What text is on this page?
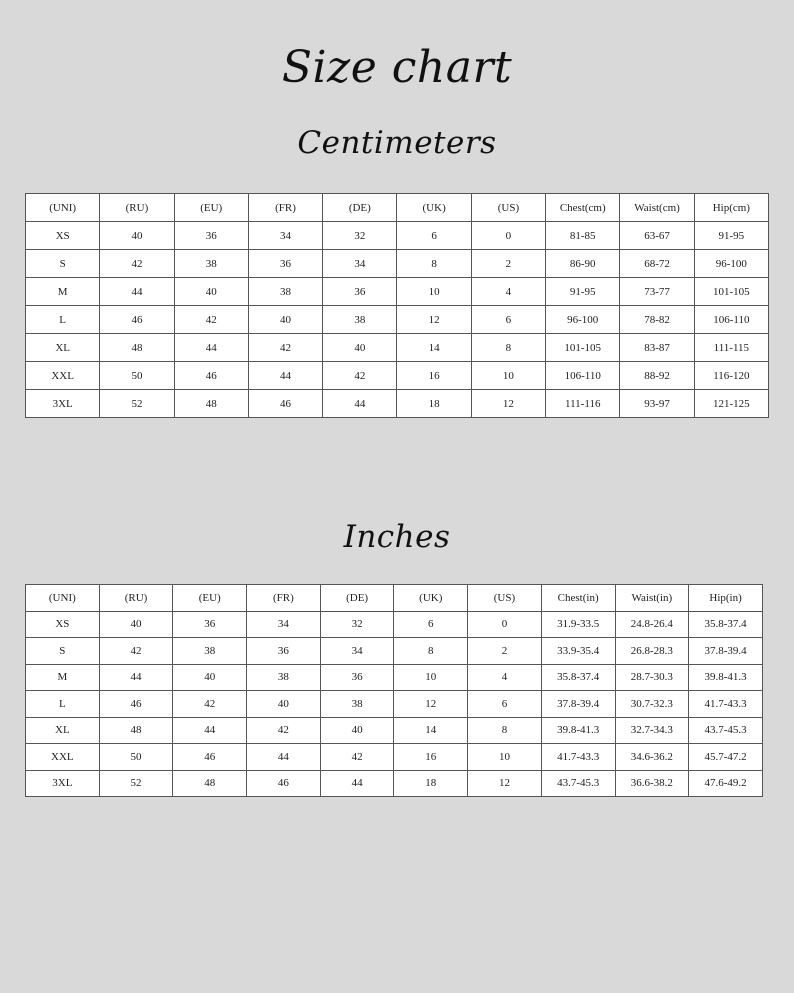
Size chart
Centimeters
(UNI)	(RU)	(EU)	(FR)	(DE)	(UK)	(US)	Chest(cm)	Waist(cm)	Hip(cm)
XS	40	36	34	32	6	0	81-85	63-67	91-95
S	42	38	36	34	8	2	86-90	68-72	96-100
M	44	40	38	36	10	4	91-95	73-77	101-105
L	46	42	40	38	12	6	96-100	78-82	106-110
XL	48	44	42	40	14	8	101-105	83-87	111-115
XXL	50	46	44	42	16	10	106-110	88-92	116-120
3XL	52	48	46	44	18	12	111-116	93-97	121-125
Inches
(UNI)	(RU)	(EU)	(FR)	(DE)	(UK)	(US)	Chest(in)	Waist(in)	Hip(in)
XS	40	36	34	32	6	0	31.9-33.5	24.8-26.4	35.8-37.4
S	42	38	36	34	8	2	33.9-35.4	26.8-28.3	37.8-39.4
M	44	40	38	36	10	4	35.8-37.4	28.7-30.3	39.8-41.3
L	46	42	40	38	12	6	37.8-39.4	30.7-32.3	41.7-43.3
XL	48	44	42	40	14	8	39.8-41.3	32.7-34.3	43.7-45.3
XXL	50	46	44	42	16	10	41.7-43.3	34.6-36.2	45.7-47.2
3XL	52	48	46	44	18	12	43.7-45.3	36.6-38.2	47.6-49.2
